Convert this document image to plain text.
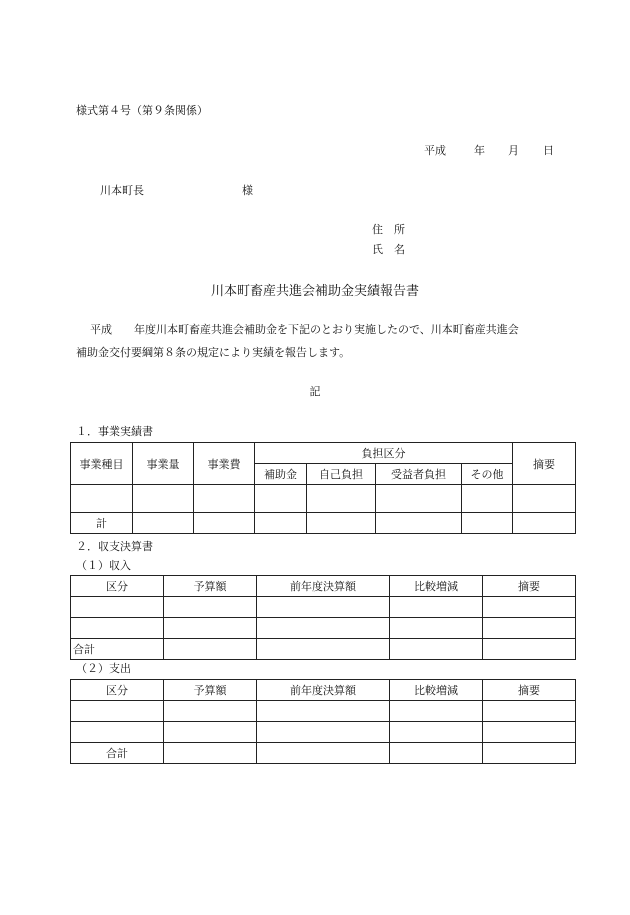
様式第４号（第９条関係）
平成	年 月 日
川本町長	様
住　所
氏　名
川本町畜産共進会補助金実績報告書
平成　　年度川本町畜産共進会補助金を下記のとおり実施したので、川本町畜産共進会
補助金交付要綱第８条の規定により実績を報告します。
記
１．事業実績書
事業種目	事業量	事業費	負担区分				摘要
			補助金	自己負担	受益者負担	その他	

計							
２．収支決算書
（１）収入
区分	予算額	前年度決算額	比較増減	摘要

合計				
（２）支出
区分	予算額	前年度決算額	比較増減	摘要

合計				
